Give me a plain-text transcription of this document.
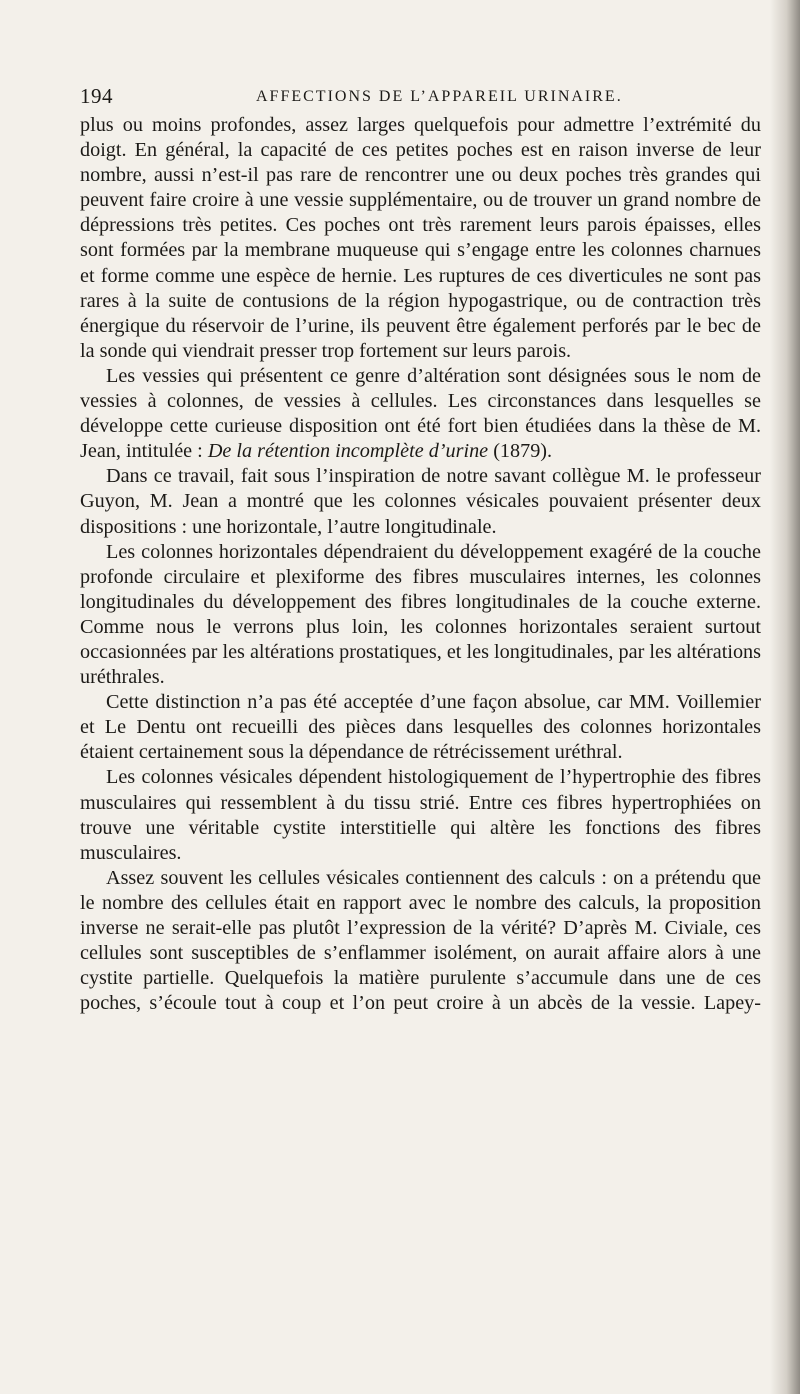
194	AFFECTIONS DE L’APPAREIL URINAIRE.

plus ou moins profondes, assez larges quelquefois pour admettre l’extrémité du doigt. En général, la capacité de ces petites poches est en raison inverse de leur nombre, aussi n’est-il pas rare de rencontrer une ou deux poches très grandes qui peuvent faire croire à une vessie supplémentaire, ou de trouver un grand nombre de dépressions très petites. Ces poches ont très rarement leurs parois épaisses, elles sont formées par la membrane muqueuse qui s’engage entre les colonnes charnues et forme comme une espèce de hernie. Les ruptures de ces diverticules ne sont pas rares à la suite de contusions de la région hypogastrique, ou de contraction très énergique du réservoir de l’urine, ils peuvent être également perforés par le bec de la sonde qui viendrait presser trop fortement sur leurs parois.

Les vessies qui présentent ce genre d’altération sont désignées sous le nom de vessies à colonnes, de vessies à cellules. Les circonstances dans lesquelles se développe cette curieuse disposition ont été fort bien étudiées dans la thèse de M. Jean, intitulée : De la rétention incomplète d’urine (1879).

Dans ce travail, fait sous l’inspiration de notre savant collègue M. le professeur Guyon, M. Jean a montré que les colonnes vésicales pouvaient présenter deux dispositions : une horizontale, l’autre longitudinale.

Les colonnes horizontales dépendraient du développement exagéré de la couche profonde circulaire et plexiforme des fibres musculaires internes, les colonnes longitudinales du développement des fibres longitudinales de la couche externe. Comme nous le verrons plus loin, les colonnes horizontales seraient surtout occasionnées par les altérations prostatiques, et les longitudinales, par les altérations uréthrales.

Cette distinction n’a pas été acceptée d’une façon absolue, car MM. Voillemier et Le Dentu ont recueilli des pièces dans lesquelles des colonnes horizontales étaient certainement sous la dépendance de rétrécissement uréthral.

Les colonnes vésicales dépendent histologiquement de l’hypertrophie des fibres musculaires qui ressemblent à du tissu strié. Entre ces fibres hypertrophiées on trouve une véritable cystite interstitielle qui altère les fonctions des fibres musculaires.

Assez souvent les cellules vésicales contiennent des calculs : on a prétendu que le nombre des cellules était en rapport avec le nombre des calculs, la proposition inverse ne serait-elle pas plutôt l’expression de la vérité? D’après M. Civiale, ces cellules sont susceptibles de s’enflammer isolément, on aurait affaire alors à une cystite partielle. Quelquefois la matière purulente s’accumule dans une de ces poches, s’écoule tout à coup et l’on peut croire à un abcès de la vessie. Lapey-
